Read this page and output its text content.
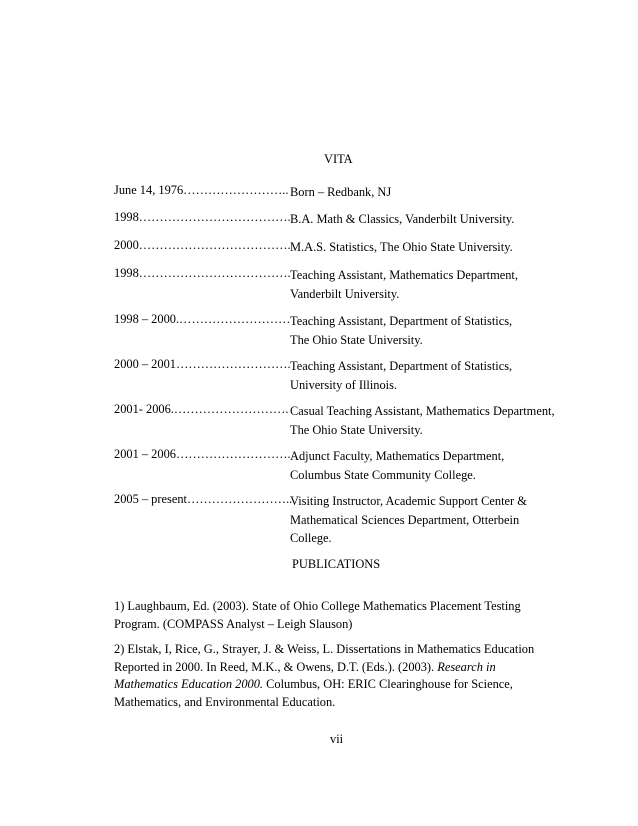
VITA
June 14, 1976…………………….. Born – Redbank, NJ
1998………………………………. B.A. Math & Classics, Vanderbilt University.
2000………………………………. M.A.S. Statistics, The Ohio State University.
1998………………………………. Teaching Assistant, Mathematics Department,
Vanderbilt University.
1998 – 2000.……………………… Teaching Assistant, Department of Statistics,
The Ohio State University.
2000 – 2001………………………. Teaching Assistant, Department of Statistics,
University of Illinois.
2001- 2006.………………………. Casual Teaching Assistant, Mathematics Department,
The Ohio State University.
2001 – 2006………………………. Adjunct Faculty, Mathematics Department,
Columbus State Community College.
2005 – present……………………..
Visiting Instructor, Academic Support Center &
Mathematical Sciences Department, Otterbein
College.
PUBLICATIONS
1) Laughbaum, Ed. (2003). State of Ohio College Mathematics Placement Testing
Program. (COMPASS Analyst – Leigh Slauson)
2) Elstak, I, Rice, G., Strayer, J. & Weiss, L. Dissertations in Mathematics Education
Reported in 2000. In Reed, M.K., & Owens, D.T. (Eds.). (2003). Research in
Mathematics Education 2000. Columbus, OH: ERIC Clearinghouse for Science,
Mathematics, and Environmental Education.
vii
